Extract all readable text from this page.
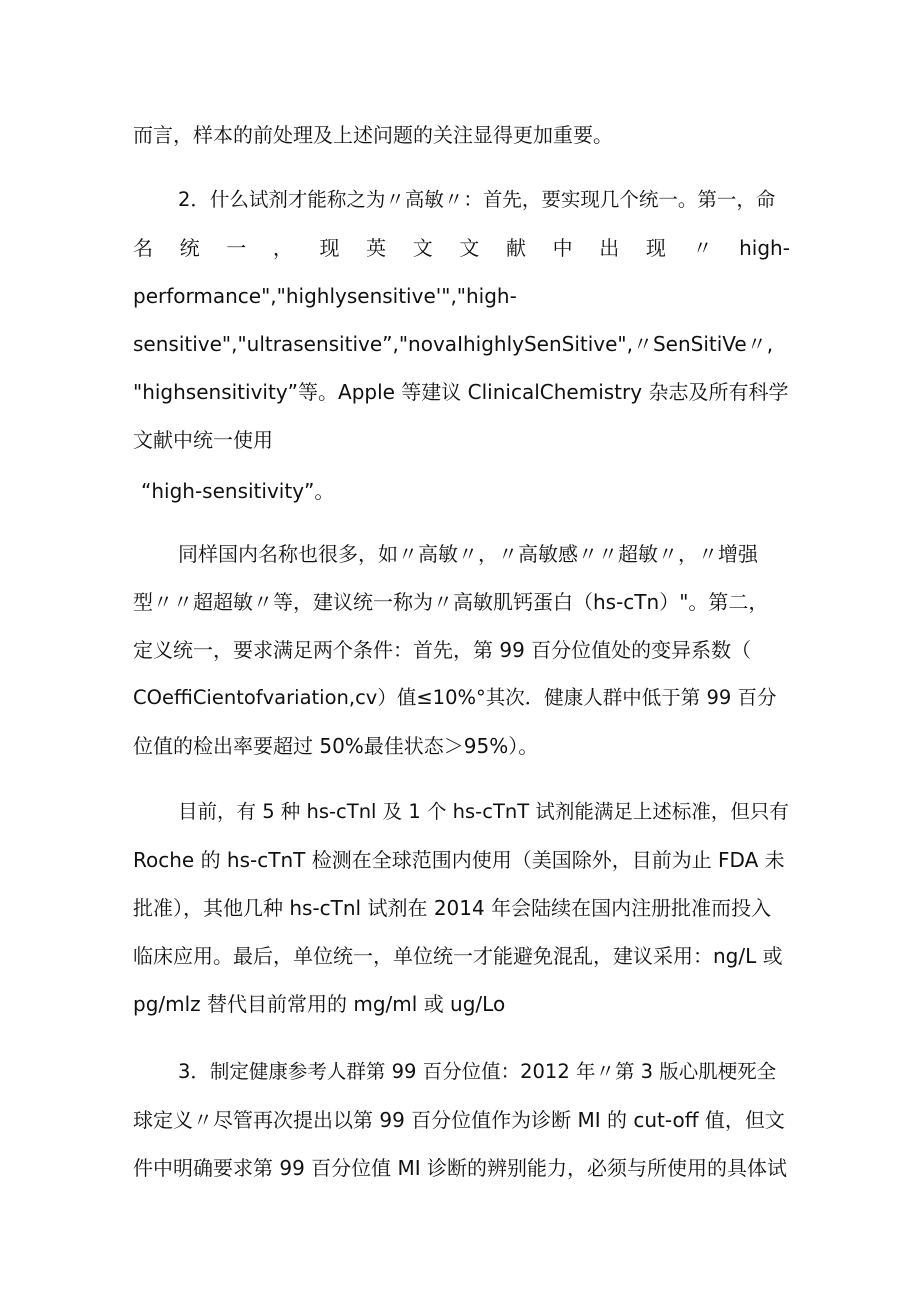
而言，样本的前处理及上述问题的关注显得更加重要。
2．什么试剂才能称之为〃高敏〃：首先，要实现几个统一。第一，命
名 统 一 ， 现 英 文 文 献 中 出 现 〃 high-
performance","highlysensitive'","high-
sensitive","ultrasensitive”,"novaIhighlySenSitive",〃SenSitiVe〃,
"highsensitivity”等。Apple 等建议 ClinicalChemistry 杂志及所有科学
文献中统一使用
“high-sensitivity”。
同样国内名称也很多，如〃高敏〃，〃高敏感〃〃超敏〃，〃增强
型〃〃超超敏〃等，建议统一称为〃高敏肌钙蛋白（hs-cTn）"。第二，
定义统一，要求满足两个条件：首先，第 99 百分位值处的变异系数（
COeffiCientofvariation,cv）值≤10%°其次．健康人群中低于第 99 百分
位值的检出率要超过 50%最佳状态＞95%）。
目前，有 5 种 hs-cTnl 及 1 个 hs-cTnT 试剂能满足上述标准，但只有
Roche 的 hs-cTnT 检测在全球范围内使用（美国除外，目前为止 FDA 未
批准），其他几种 hs-cTnl 试剂在 2014 年会陆续在国内注册批准而投入
临床应用。最后，单位统一，单位统一才能避免混乱，建议采用：ng/L 或
pg/mlz 替代目前常用的 mg/ml 或 ug/Lo
3．制定健康参考人群第 99 百分位值：2012 年〃第 3 版心肌梗死全
球定义〃尽管再次提出以第 99 百分位值作为诊断 MI 的 cut-off 值，但文
件中明确要求第 99 百分位值 MI 诊断的辨别能力，必须与所使用的具体试
